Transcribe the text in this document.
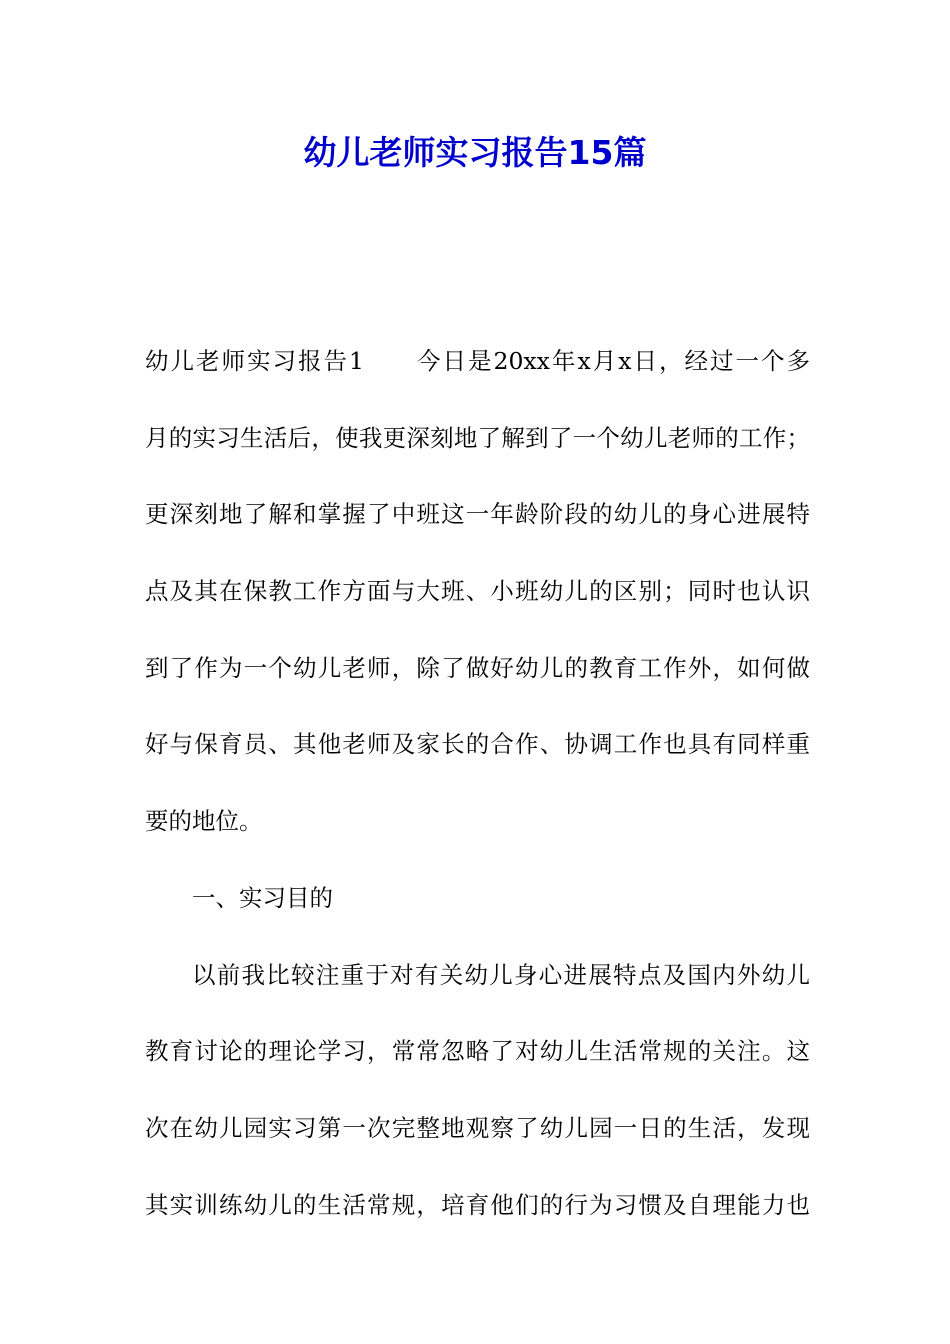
幼儿老师实习报告15篇
幼儿老师实习报告1　　今日是20xx年x月x日，经过一个多
月的实习生活后，使我更深刻地了解到了一个幼儿老师的工作；
更深刻地了解和掌握了中班这一年龄阶段的幼儿的身心进展特
点及其在保教工作方面与大班、小班幼儿的区别；同时也认识
到了作为一个幼儿老师，除了做好幼儿的教育工作外，如何做
好与保育员、其他老师及家长的合作、协调工作也具有同样重
要的地位。
一、实习目的
以前我比较注重于对有关幼儿身心进展特点及国内外幼儿
教育讨论的理论学习，常常忽略了对幼儿生活常规的关注。这
次在幼儿园实习第一次完整地观察了幼儿园一日的生活，发现
其实训练幼儿的生活常规，培育他们的行为习惯及自理能力也
